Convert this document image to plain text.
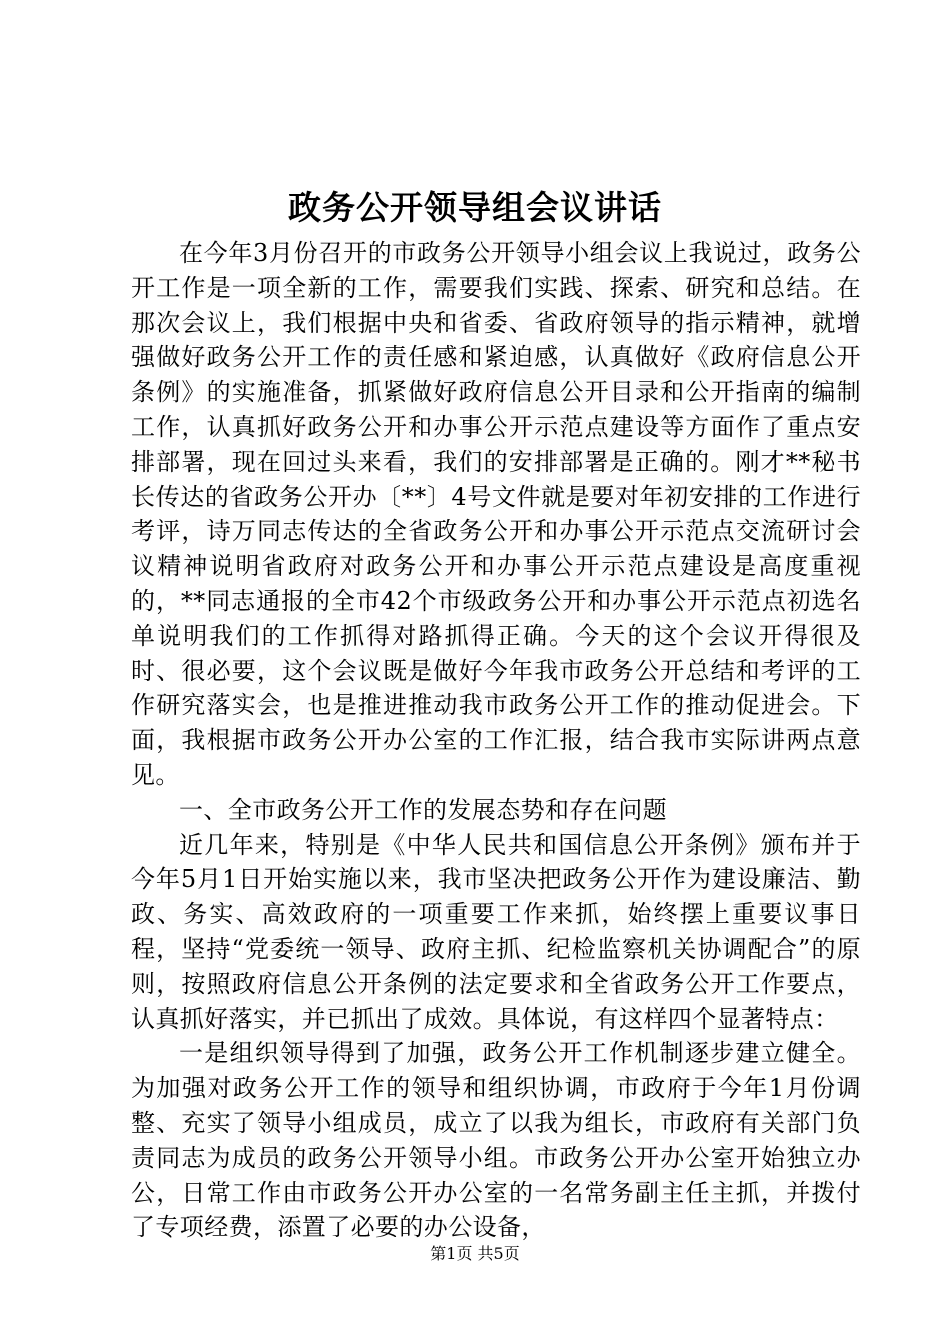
政务公开领导组会议讲话

在今年3月份召开的市政务公开领导小组会议上我说过，政务公开工作是一项全新的工作，需要我们实践、探索、研究和总结。在那次会议上，我们根据中央和省委、省政府领导的指示精神，就增强做好政务公开工作的责任感和紧迫感，认真做好《政府信息公开条例》的实施准备，抓紧做好政府信息公开目录和公开指南的编制工作，认真抓好政务公开和办事公开示范点建设等方面作了重点安排部署，现在回过头来看，我们的安排部署是正确的。刚才**秘书长传达的省政务公开办〔**〕4号文件就是要对年初安排的工作进行考评，诗万同志传达的全省政务公开和办事公开示范点交流研讨会议精神说明省政府对政务公开和办事公开示范点建设是高度重视的，**同志通报的全市42个市级政务公开和办事公开示范点初选名单说明我们的工作抓得对路抓得正确。今天的这个会议开得很及时、很必要，这个会议既是做好今年我市政务公开总结和考评的工作研究落实会，也是推进推动我市政务公开工作的推动促进会。下面，我根据市政务公开办公室的工作汇报，结合我市实际讲两点意见。

一、全市政务公开工作的发展态势和存在问题

近几年来，特别是《中华人民共和国信息公开条例》颁布并于今年5月1日开始实施以来，我市坚决把政务公开作为建设廉洁、勤政、务实、高效政府的一项重要工作来抓，始终摆上重要议事日程，坚持“党委统一领导、政府主抓、纪检监察机关协调配合”的原则，按照政府信息公开条例的法定要求和全省政务公开工作要点，认真抓好落实，并已抓出了成效。具体说，有这样四个显著特点：

一是组织领导得到了加强，政务公开工作机制逐步建立健全。为加强对政务公开工作的领导和组织协调，市政府于今年1月份调整、充实了领导小组成员，成立了以我为组长，市政府有关部门负责同志为成员的政务公开领导小组。市政务公开办公室开始独立办公，日常工作由市政务公开办公室的一名常务副主任主抓，并拨付了专项经费，添置了必要的办公设备，

第1页 共5页
